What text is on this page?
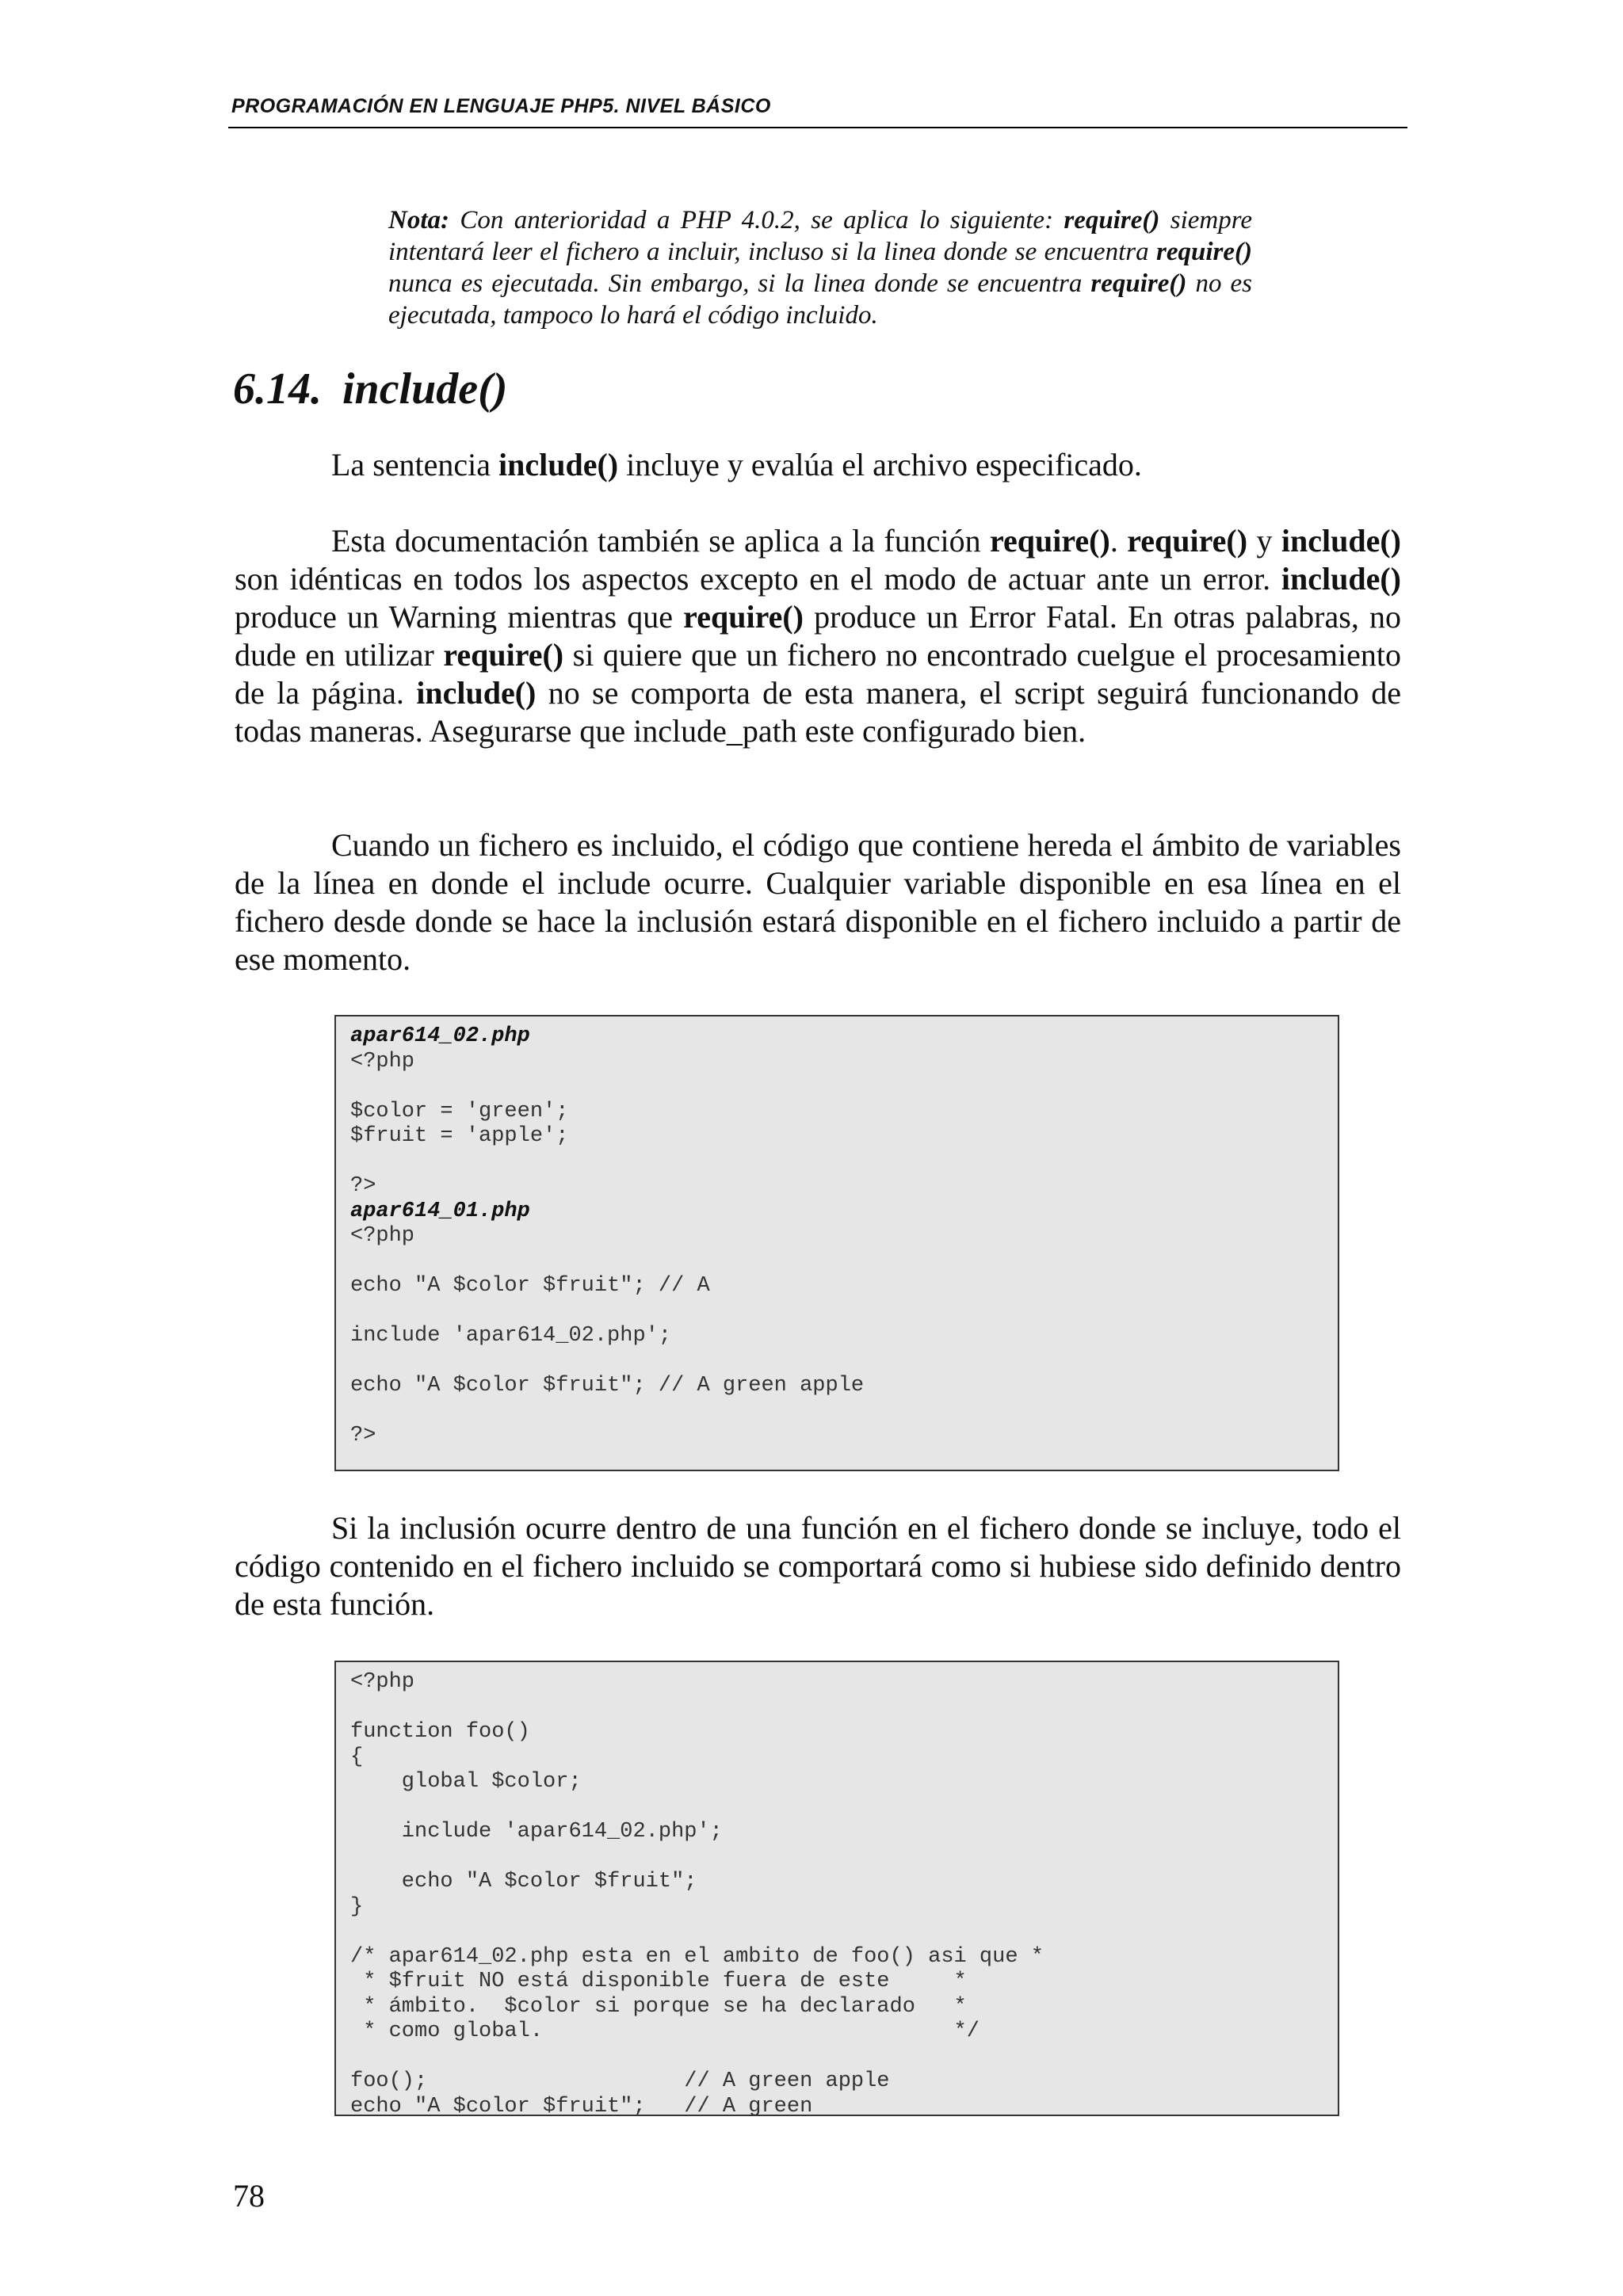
PROGRAMACIÓN EN LENGUAJE PHP5. NIVEL BÁSICO
Nota: Con anterioridad a PHP 4.0.2, se aplica lo siguiente: require() siempre intentará leer el fichero a incluir, incluso si la linea donde se encuentra require() nunca es ejecutada. Sin embargo, si la linea donde se encuentra require() no es ejecutada, tampoco lo hará el código incluido.
6.14. include()
La sentencia include() incluye y evalúa el archivo especificado.
Esta documentación también se aplica a la función require(). require() y include() son idénticas en todos los aspectos excepto en el modo de actuar ante un error. include() produce un Warning mientras que require() produce un Error Fatal. En otras palabras, no dude en utilizar require() si quiere que un fichero no encontrado cuelgue el procesamiento de la página. include() no se comporta de esta manera, el script seguirá funcionando de todas maneras. Asegurarse que include_path este configurado bien.
Cuando un fichero es incluido, el código que contiene hereda el ámbito de variables de la línea en donde el include ocurre. Cualquier variable disponible en esa línea en el fichero desde donde se hace la inclusión estará disponible en el fichero incluido a partir de ese momento.
apar614_02.php
<?php

$color = 'green';
$fruit = 'apple';

?>

apar614_01.php
<?php

echo "A $color $fruit"; // A

include 'apar614_02.php';

echo "A $color $fruit"; // A green apple

?>
Si la inclusión ocurre dentro de una función en el fichero donde se incluye, todo el código contenido en el fichero incluido se comportará como si hubiese sido definido dentro de esta función.
<?php

function foo()
{
global $color;

include 'apar614_02.php';

echo "A $color $fruit";
}

/* apar614_02.php esta en el ambito de foo() asi que *
* $fruit NO está disponible fuera de este     *
* ámbito.  $color si porque se ha declarado   *
* como global.                                */

foo();                    // A green apple
echo "A $color $fruit";   // A green
78
